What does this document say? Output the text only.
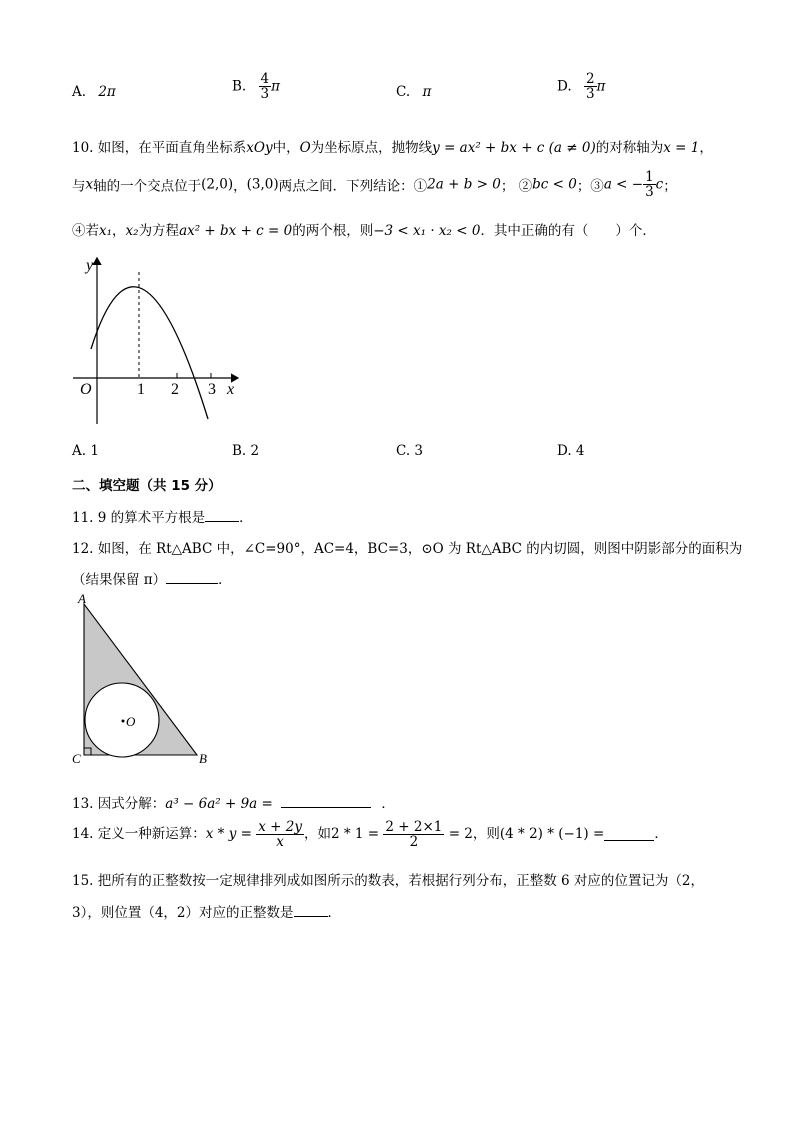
A. 2π	B. $\frac{4}{3}$ π	C. π	D. $\frac{2}{3}$ π
10. 如图，在平面直角坐标系xOy中，O为坐标原点，抛物线y = ax² + bx + c (a ≠ 0)的对称轴为x = 1，
与x轴的一个交点位于(2,0)，(3,0)两点之间．下列结论：①2a + b > 0； ②bc < 0；③a < − $\frac{1}{3}$ c；
④若x₁，x₂为方程ax² + bx + c = 0的两个根，则−3 < x₁ · x₂ < 0．其中正确的有（　　）个．
y
x
O	1 2 3
A. 1	B. 2	C. 3	D. 4
二、填空题（共 15 分）
11. 9 的算术平方根是	．
12. 如图，在 Rt△ABC 中，∠C=90°，AC=4，BC=3，⊙O 为 Rt△ABC 的内切圆，则图中阴影部分的面积为
（结果保留 π）	．
A
B
C
O
13. 因式分解：a³ − 6a² + 9a =	．
14. 定义一种新运算：$x * y = \frac{x + 2y}{x}$ ，如$2 * 1 = \frac{2 + 2\times 1}{2} = 2$，则(4 * 2) * (−1) =	．
15. 把所有的正整数按一定规律排列成如图所示的数表，若根据行列分布，正整数 6 对应的位置记为（2，
3），则位置（4，2）对应的正整数是	．
